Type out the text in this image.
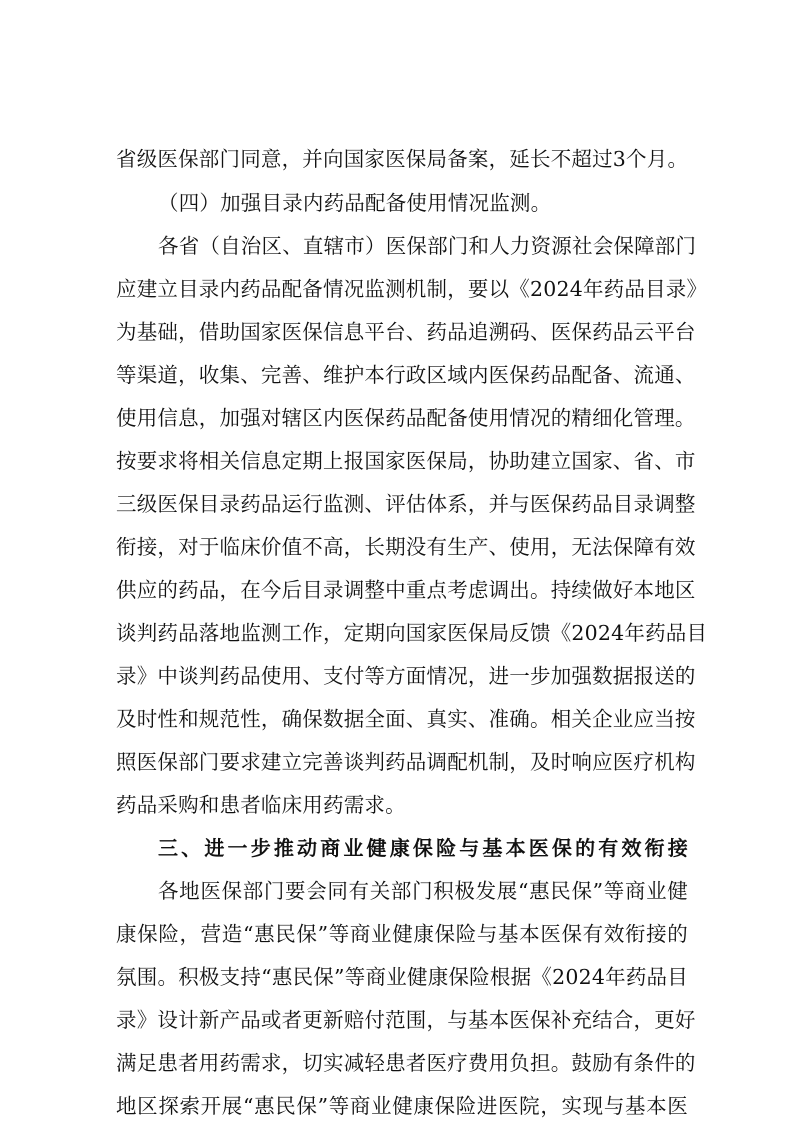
省级医保部门同意，并向国家医保局备案，延长不超过3个月。
（四）加强目录内药品配备使用情况监测。
各省（自治区、直辖市）医保部门和人力资源社会保障部门
应建立目录内药品配备情况监测机制，要以《2024年药品目录》
为基础，借助国家医保信息平台、药品追溯码、医保药品云平台
等渠道，收集、完善、维护本行政区域内医保药品配备、流通、
使用信息，加强对辖区内医保药品配备使用情况的精细化管理。
按要求将相关信息定期上报国家医保局，协助建立国家、省、市
三级医保目录药品运行监测、评估体系，并与医保药品目录调整
衔接，对于临床价值不高，长期没有生产、使用，无法保障有效
供应的药品，在今后目录调整中重点考虑调出。持续做好本地区
谈判药品落地监测工作，定期向国家医保局反馈《2024年药品目
录》中谈判药品使用、支付等方面情况，进一步加强数据报送的
及时性和规范性，确保数据全面、真实、准确。相关企业应当按
照医保部门要求建立完善谈判药品调配机制，及时响应医疗机构
药品采购和患者临床用药需求。
三、进一步推动商业健康保险与基本医保的有效衔接
各地医保部门要会同有关部门积极发展“惠民保”等商业健
康保险，营造“惠民保”等商业健康保险与基本医保有效衔接的
氛围。积极支持“惠民保”等商业健康保险根据《2024年药品目
录》设计新产品或者更新赔付范围，与基本医保补充结合，更好
满足患者用药需求，切实减轻患者医疗费用负担。鼓励有条件的
地区探索开展“惠民保”等商业健康保险进医院，实现与基本医
